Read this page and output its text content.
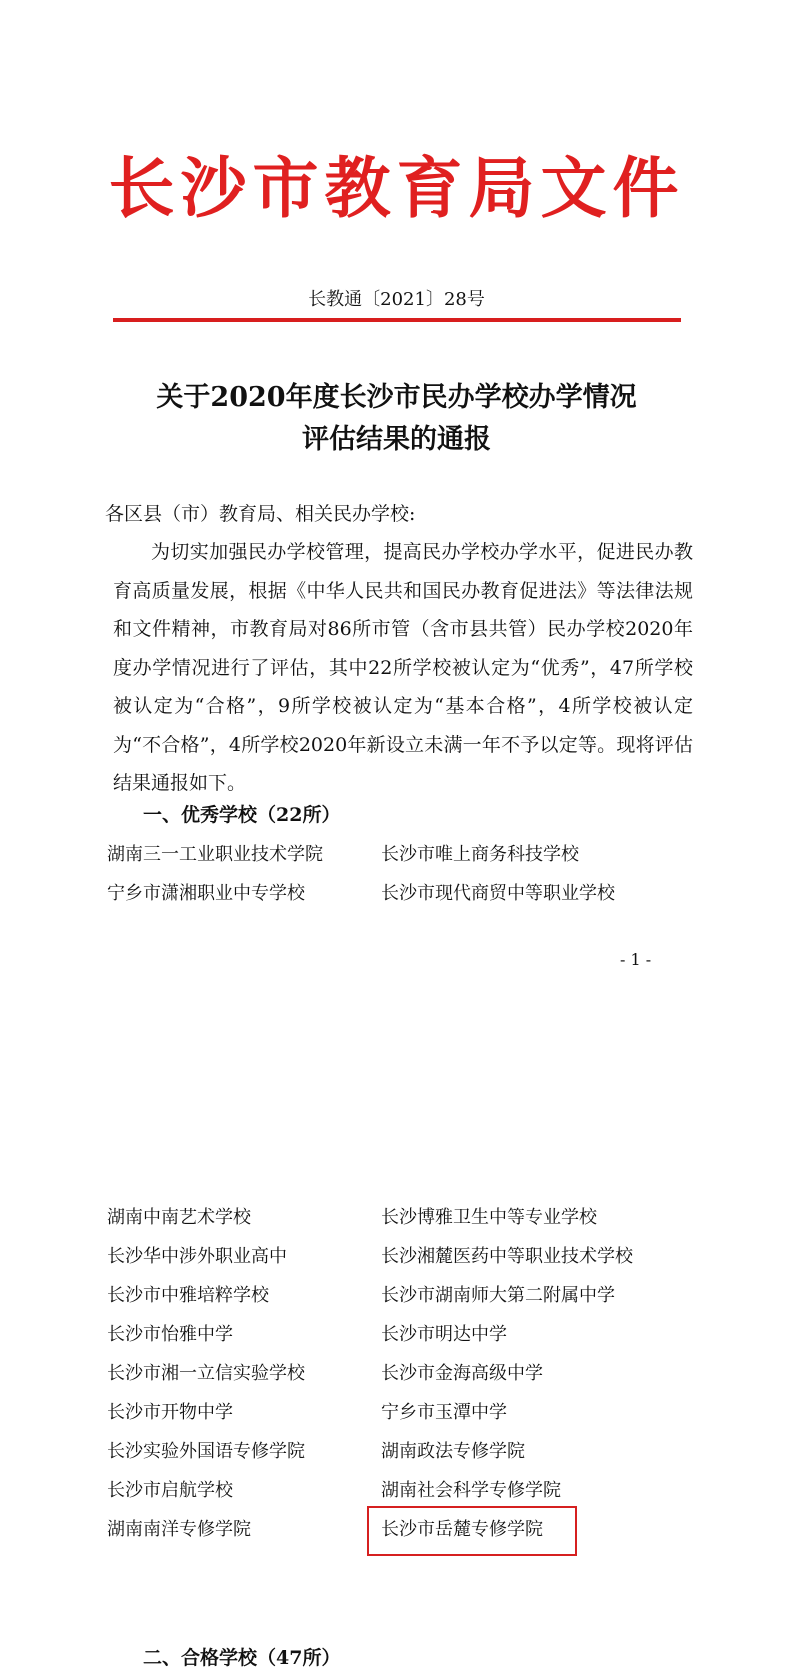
长沙市教育局文件
长教通〔2021〕28号
关于2020年度长沙市民办学校办学情况
评估结果的通报
各区县（市）教育局、相关民办学校:
为切实加强民办学校管理，提高民办学校办学水平，促进民办教育高质量发展，根据《中华人民共和国民办教育促进法》等法律法规和文件精神，市教育局对86所市管（含市县共管）民办学校2020年度办学情况进行了评估，其中22所学校被认定为“优秀”，47所学校被认定为“合格”，9所学校被认定为“基本合格”，4所学校被认定为“不合格”，4所学校2020年新设立未满一年不予以定等。现将评估结果通报如下。
一、优秀学校（22所）
湖南三一工业职业技术学院	长沙市唯上商务科技学校
宁乡市潇湘职业中专学校	长沙市现代商贸中等职业学校
- 1 -
湖南中南艺术学校	长沙博雅卫生中等专业学校
长沙华中涉外职业高中	长沙湘麓医药中等职业技术学校
长沙市中雅培粹学校	长沙市湖南师大第二附属中学
长沙市怡雅中学	长沙市明达中学
长沙市湘一立信实验学校	长沙市金海高级中学
长沙市开物中学	宁乡市玉潭中学
长沙实验外国语专修学院	湖南政法专修学院
长沙市启航学校	湖南社会科学专修学院
湖南南洋专修学院	长沙市岳麓专修学院
二、合格学校（47所）
